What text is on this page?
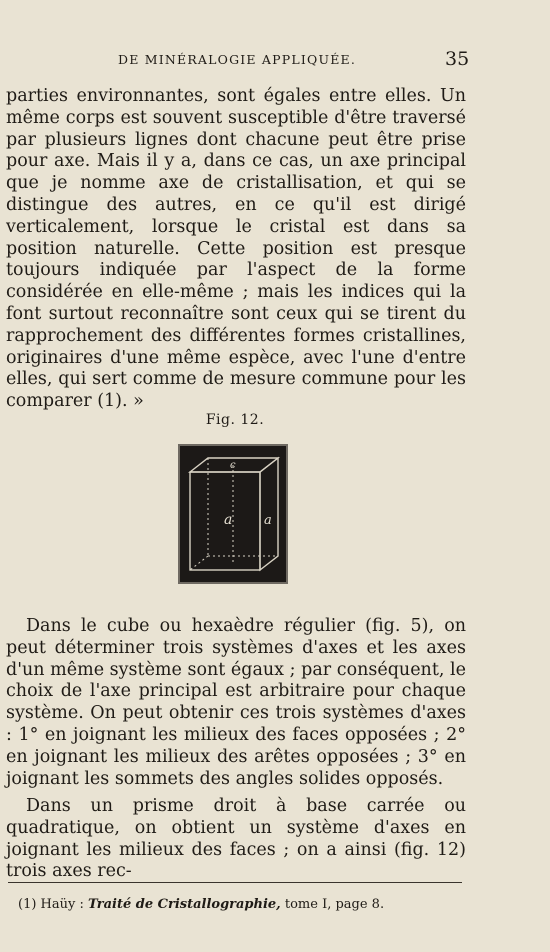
DE MINÉRALOGIE APPLIQUÉE.	35

parties environnantes, sont égales entre elles. Un même corps est souvent susceptible d'être traversé par plusieurs lignes dont chacune peut être prise pour axe. Mais il y a, dans ce cas, un axe principal que je nomme axe de cristallisation, et qui se distingue des autres, en ce qu'il est dirigé verticalement, lorsque le cristal est dans sa position naturelle. Cette position est presque toujours indiquée par l'aspect de la forme considérée en elle-même ; mais les indices qui la font surtout reconnaître sont ceux qui se tirent du rapprochement des différentes formes cristallines, originaires d'une même espèce, avec l'une d'entre elles, qui sert comme de mesure commune pour les comparer (1). »

Fig. 12.
c
a a

Dans le cube ou hexaèdre régulier (fig. 5), on peut déterminer trois systèmes d'axes et les axes d'un même système sont égaux ; par conséquent, le choix de l'axe principal est arbitraire pour chaque système. On peut obtenir ces trois systèmes d'axes : 1° en joignant les milieux des faces opposées ; 2° en joignant les milieux des arêtes opposées ; 3° en joignant les sommets des angles solides opposés.

Dans un prisme droit à base carrée ou quadratique, on obtient un système d'axes en joignant les milieux des faces ; on a ainsi (fig. 12) trois axes rec-

(1) Haüy : Traité de Cristallographie, tome I, page 8.
